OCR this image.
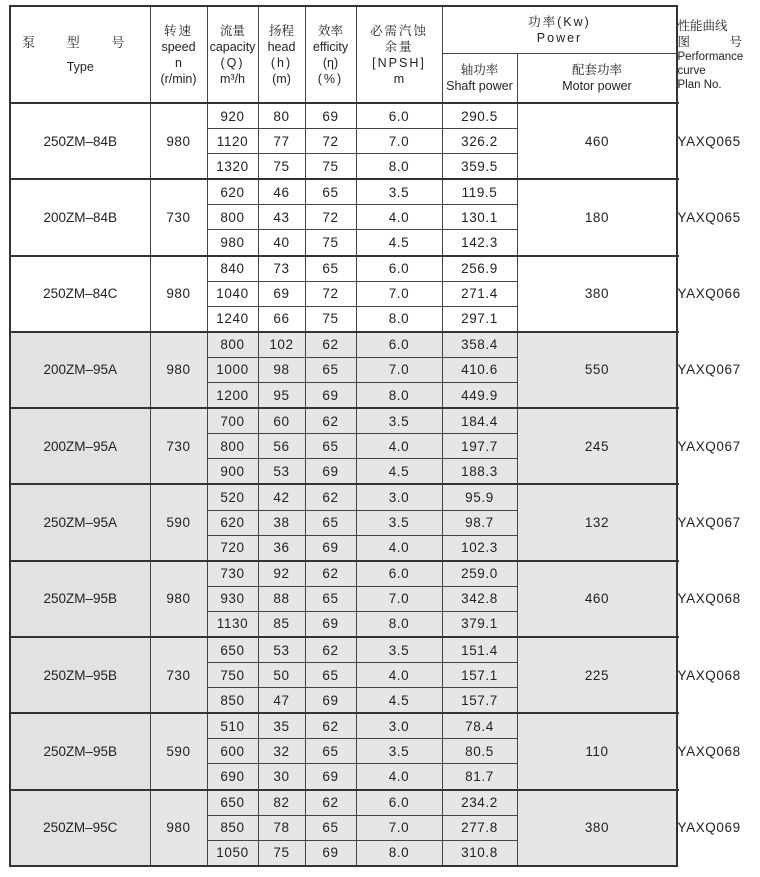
泵 型 号
Type	转速
speed
n
(r/min)	流量
capacity
(Q)
m³/h	扬程
head
(h)
(m)	效率
efficity
(η)
(%)	必需汽蚀
余量
[NPSH]
m	功率(Kw)
Power		性能曲线
图 号
Performance
curve
Plan No.

						轴功率
Shaft power	配套功率
Motor power	

250ZM–84B	980	920	80	69	6.0	290.5	460	YAXQ065
		1120	77	72	7.0	326.2		
		1320	75	75	8.0	359.5		
200ZM–84B	730	620	46	65	3.5	119.5	180	YAXQ065
		800	43	72	4.0	130.1		
		980	40	75	4.5	142.3		
250ZM–84C	980	840	73	65	6.0	256.9	380	YAXQ066
		1040	69	72	7.0	271.4		
		1240	66	75	8.0	297.1		
200ZM–95A	980	800	102	62	6.0	358.4	550	YAXQ067
		1000	98	65	7.0	410.6		
		1200	95	69	8.0	449.9		
200ZM–95A	730	700	60	62	3.5	184.4	245	YAXQ067
		800	56	65	4.0	197.7		
		900	53	69	4.5	188.3		
250ZM–95A	590	520	42	62	3.0	95.9	132	YAXQ067
		620	38	65	3.5	98.7		
		720	36	69	4.0	102.3		
250ZM–95B	980	730	92	62	6.0	259.0	460	YAXQ068
		930	88	65	7.0	342.8		
		1130	85	69	8.0	379.1		
250ZM–95B	730	650	53	62	3.5	151.4	225	YAXQ068
		750	50	65	4.0	157.1		
		850	47	69	4.5	157.7		
250ZM–95B	590	510	35	62	3.0	78.4	110	YAXQ068
		600	32	65	3.5	80.5		
		690	30	69	4.0	81.7		
250ZM–95C	980	650	82	62	6.0	234.2	380	YAXQ069
		850	78	65	7.0	277.8		
		1050	75	69	8.0	310.8		
